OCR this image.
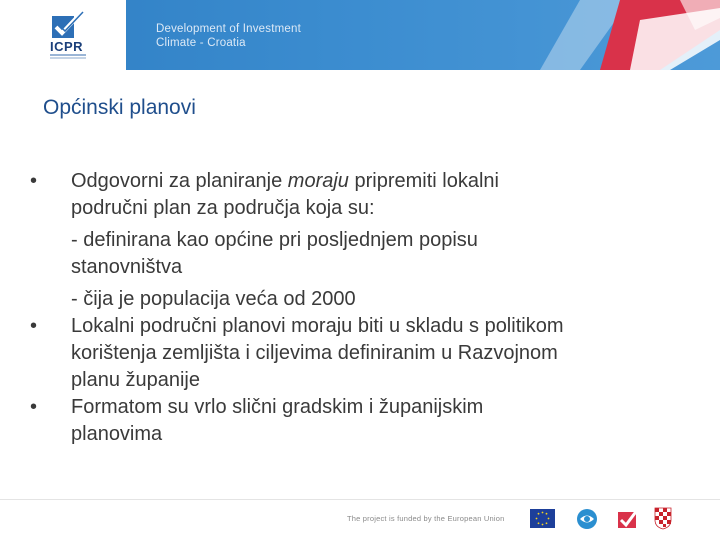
ICPR
Development of Investment
Climate - Croatia
Općinski planovi
•	Odgovorni za planiranje moraju pripremiti lokalni
područni plan za područja koja su:
- definirana kao općine pri posljednjem popisu
stanovništva
- čija je populacija veća od 2000
•	Lokalni područni planovi moraju biti u skladu s politikom
korištenja zemljišta i ciljevima definiranim u Razvojnom
planu županije
•	Formatom su vrlo slični gradskim i županijskim
planovima
The project is funded by the European Union
